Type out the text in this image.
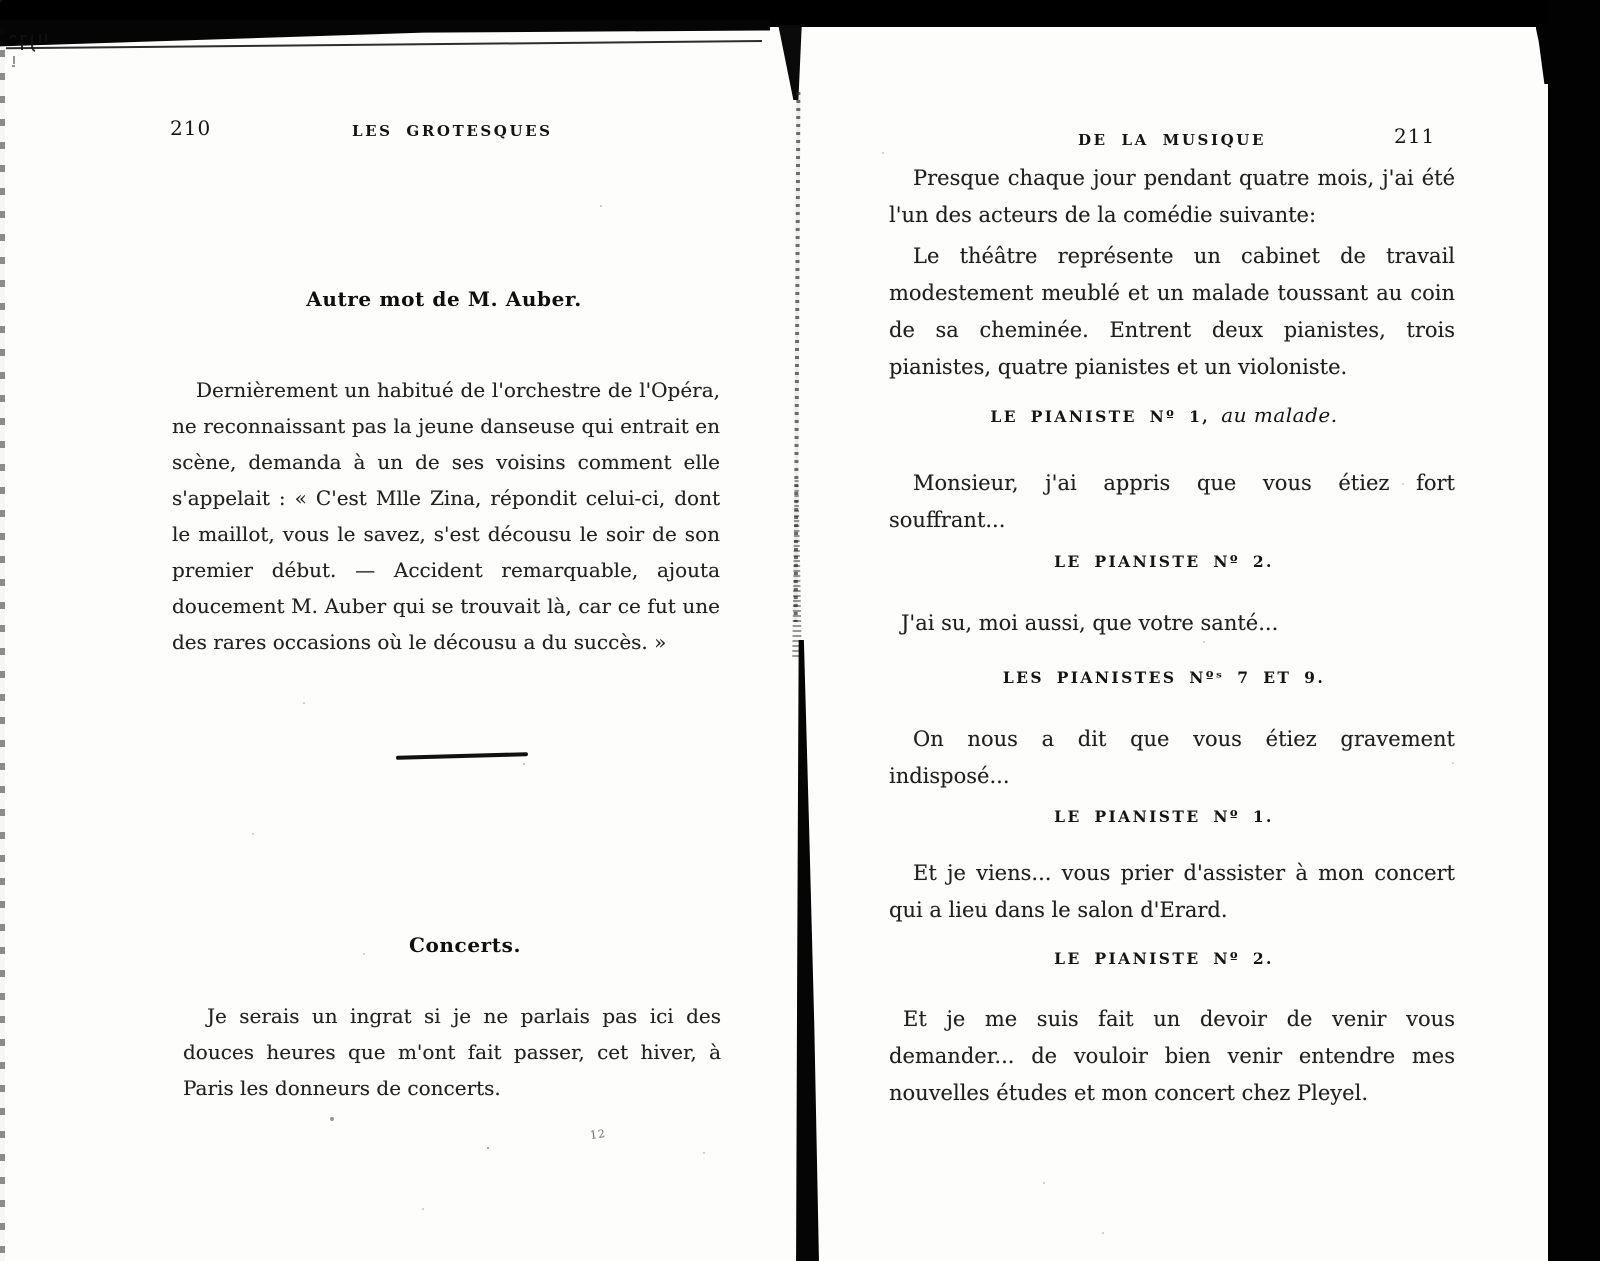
210	LES GROTESQUES
Autre mot de M. Auber.

Dernièrement un habitué de l'orchestre de l'Opéra, ne reconnaissant pas la jeune danseuse qui entrait en scène, demanda à un de ses voisins comment elle s'appelait : « C'est Mlle Zina, répondit celui-ci, dont le maillot, vous le savez, s'est décousu le soir de son premier début. — Accident remarquable, ajouta doucement M. Auber qui se trouvait là, car ce fut une des rares occasions où le décousu a du succès. »

Concerts.

Je serais un ingrat si je ne parlais pas ici des douces heures que m'ont fait passer, cet hiver, à Paris les donneurs de concerts.

12
DE LA MUSIQUE	211

Presque chaque jour pendant quatre mois, j'ai été l'un des acteurs de la comédie suivante:

Le théâtre représente un cabinet de travail modestement meublé et un malade toussant au coin de sa cheminée. Entrent deux pianistes, trois pianistes, quatre pianistes et un violoniste.

LE PIANISTE Nº 1, au malade.

Monsieur, j'ai appris que vous étiez fort souffrant...

LE PIANISTE Nº 2.

J'ai su, moi aussi, que votre santé...

LES PIANISTES Nºˢ 7 ET 9.

On nous a dit que vous étiez gravement indisposé...

LE PIANISTE Nº 1.

Et je viens... vous prier d'assister à mon concert qui a lieu dans le salon d'Erard.

LE PIANISTE Nº 2.

Et je me suis fait un devoir de venir vous demander... de vouloir bien venir entendre mes nouvelles études et mon concert chez Pleyel.
